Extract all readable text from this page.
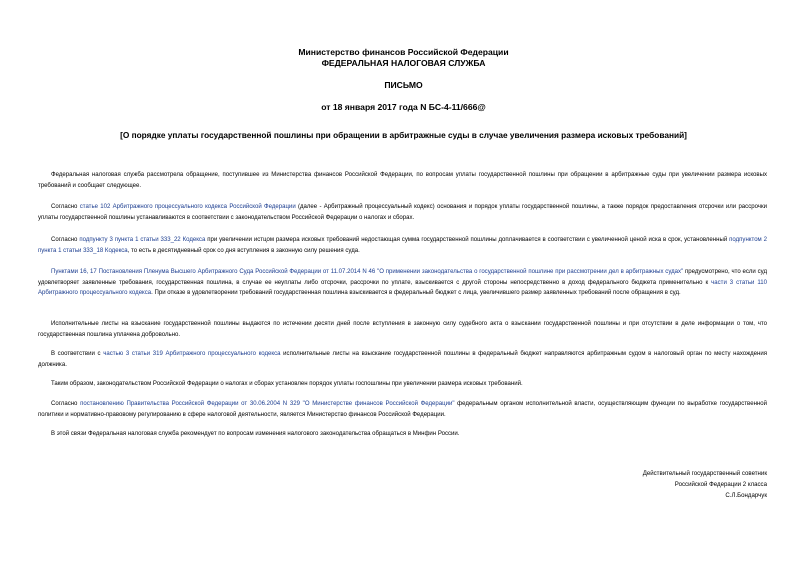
Министерство финансов Российской Федерации
ФЕДЕРАЛЬНАЯ НАЛОГОВАЯ СЛУЖБА
ПИСЬМО
от 18 января 2017 года N БС-4-11/666@
[О порядке уплаты государственной пошлины при обращении в арбитражные суды в случае увеличения размера исковых требований]

Федеральная налоговая служба рассмотрела обращение, поступившее из Министерства финансов Российской Федерации, по вопросам уплаты государственной пошлины при обращении в арбитражные суды при увеличении размера исковых требований и сообщает следующее.

Согласно статье 102 Арбитражного процессуального кодекса Российской Федерации (далее - Арбитражный процессуальный кодекс) основания и порядок уплаты государственной пошлины, а также порядок предоставления отсрочки или рассрочки уплаты государственной пошлины устанавливаются в соответствии с законодательством Российской Федерации о налогах и сборах.

Согласно подпункту 3 пункта 1 статьи 333_22 Кодекса при увеличении истцом размера исковых требований недостающая сумма государственной пошлины доплачивается в соответствии с увеличенной ценой иска в срок, установленный подпунктом 2 пункта 1 статьи 333_18 Кодекса, то есть в десятидневный срок со дня вступления в законную силу решения суда.

Пунктами 16, 17 Постановления Пленума Высшего Арбитражного Суда Российской Федерации от 11.07.2014 N 46 "О применении законодательства о государственной пошлине при рассмотрении дел в арбитражных судах" предусмотрено, что если суд удовлетворяет заявленные требования, государственная пошлина, в случае ее неуплаты либо отсрочки, рассрочки по уплате, взыскивается с другой стороны непосредственно в доход федерального бюджета применительно к части 3 статьи 110 Арбитражного процессуального кодекса. При отказе в удовлетворении требований государственная пошлина взыскивается в федеральный бюджет с лица, увеличившего размер заявленных требований после обращения в суд.

Исполнительные листы на взыскание государственной пошлины выдаются по истечении десяти дней после вступления в законную силу судебного акта о взыскании государственной пошлины и при отсутствии в деле информации о том, что государственная пошлина уплачена добровольно.

В соответствии с частью 3 статьи 319 Арбитражного процессуального кодекса исполнительные листы на взыскание государственной пошлины в федеральный бюджет направляются арбитражным судом в налоговый орган по месту нахождения должника.

Таким образом, законодательством Российской Федерации о налогах и сборах установлен порядок уплаты госпошлины при увеличении размера исковых требований.

Согласно постановлению Правительства Российской Федерации от 30.06.2004 N 329 "О Министерстве финансов Российской Федерации" федеральным органом исполнительной власти, осуществляющим функции по выработке государственной политики и нормативно-правовому регулированию в сфере налоговой деятельности, является Министерство финансов Российской Федерации.

В этой связи Федеральная налоговая служба рекомендует по вопросам изменения налогового законодательства обращаться в Минфин России.

Действительный государственный советник
Российской Федерации 2 класса
С.Л.Бондарчук
